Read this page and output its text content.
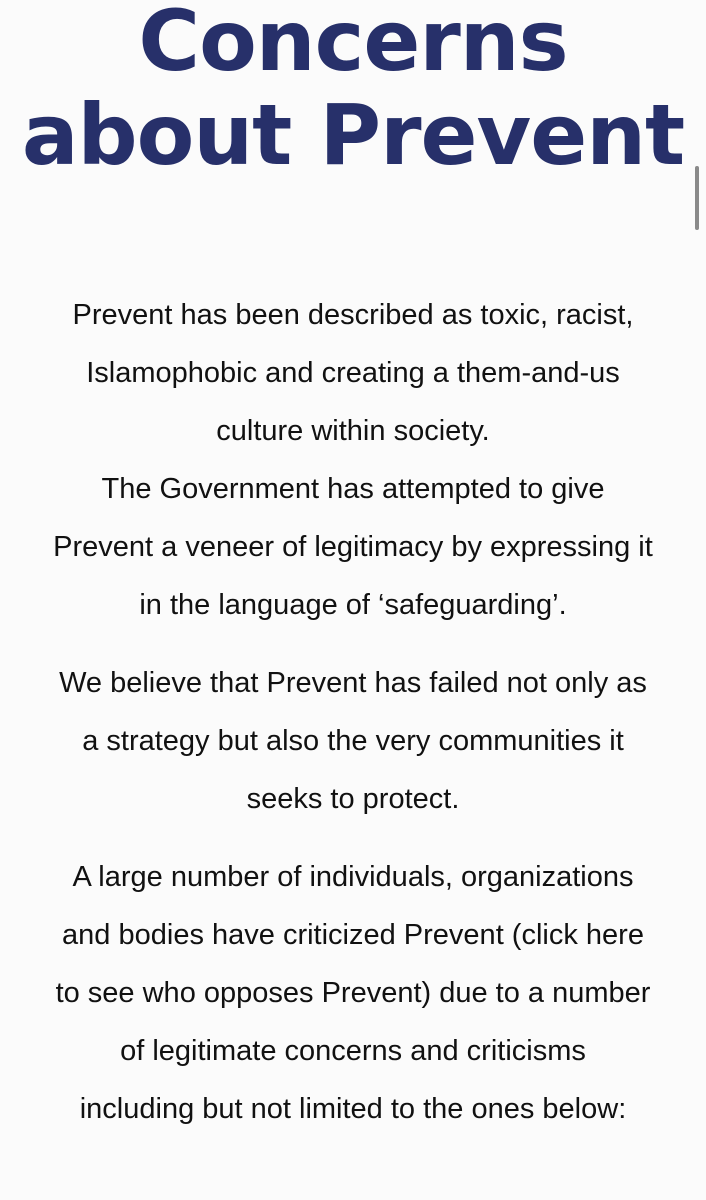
Concerns
about Prevent

Prevent has been described as toxic, racist,
Islamophobic and creating a them-and-us
culture within society.
The Government has attempted to give
Prevent a veneer of legitimacy by expressing it
in the language of ‘safeguarding’.

We believe that Prevent has failed not only as
a strategy but also the very communities it
seeks to protect.

A large number of individuals, organizations
and bodies have criticized Prevent (click here
to see who opposes Prevent) due to a number
of legitimate concerns and criticisms
including but not limited to the ones below:
